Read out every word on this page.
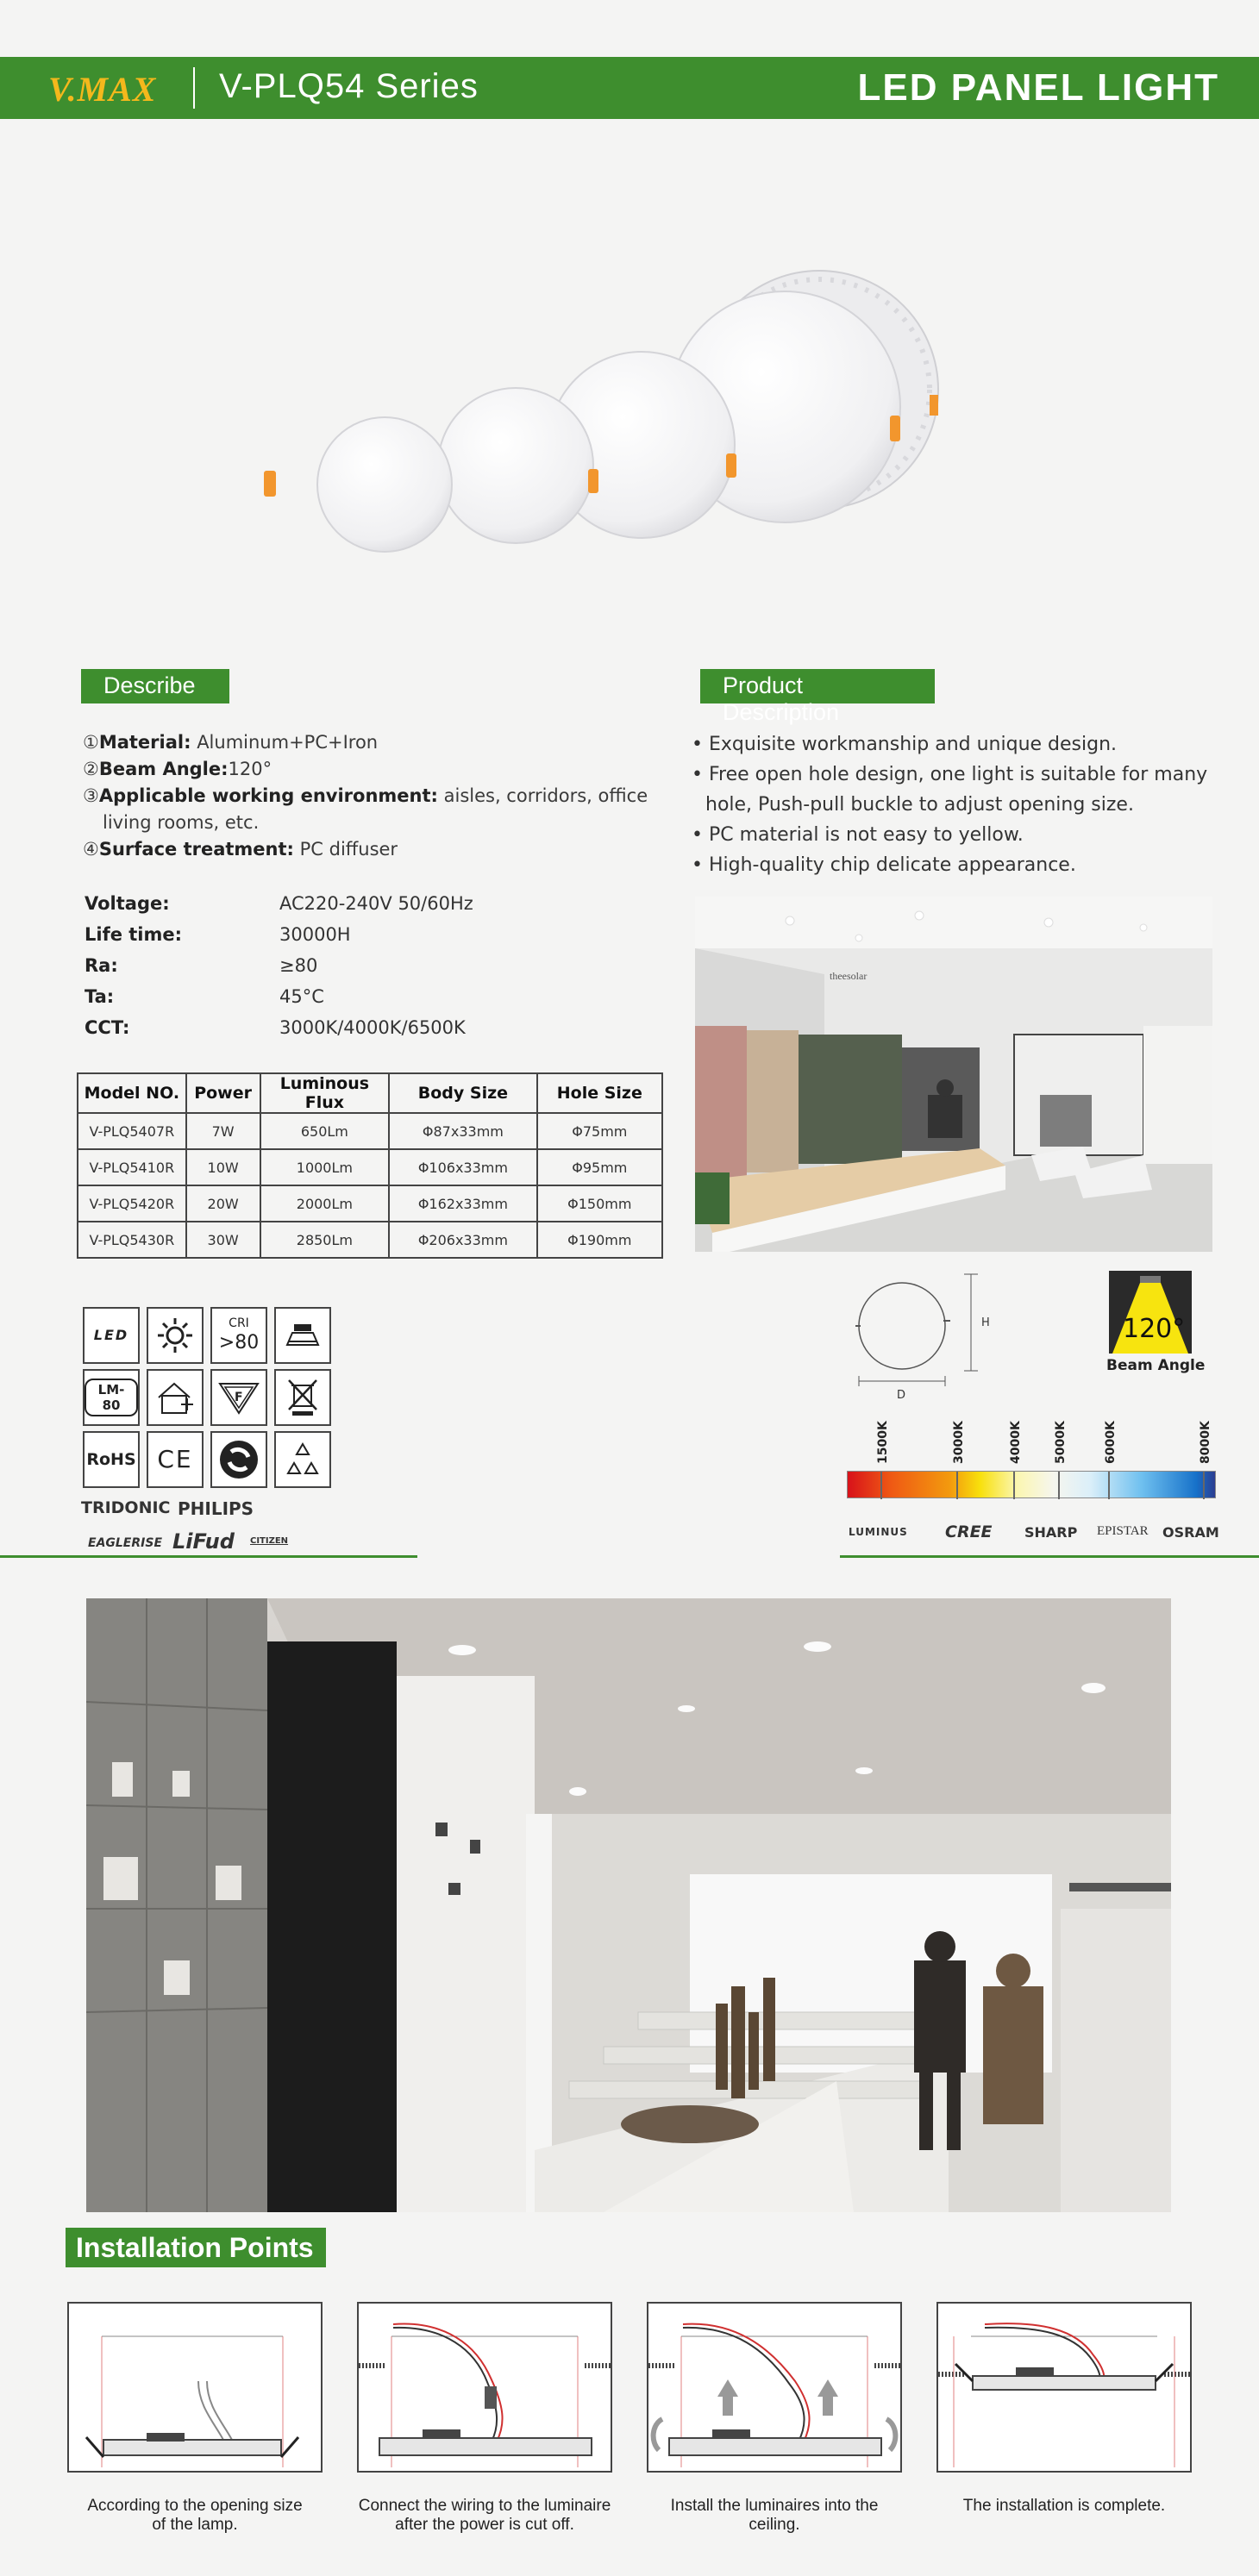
V.MAX V-PLQ54 Series	LED PANEL LIGHT
Describe
①Material: Aluminum+PC+Iron
②Beam Angle:120°
③Applicable working environment: aisles, corridors, office
living rooms, etc.
④Surface treatment: PC diffuser
Voltage:	AC220-240V 50/60Hz
Life time:	30000H
Ra:	≥80
Ta:	45°C
CCT:	3000K/4000K/6500K
Model NO.	Power	Luminous Flux	Body Size	Hole Size
V-PLQ5407R	7W	650Lm	Φ87x33mm	Φ75mm
V-PLQ5410R	10W	1000Lm	Φ106x33mm	Φ95mm
V-PLQ5420R	20W	2000Lm	Φ162x33mm	Φ150mm
V-PLQ5430R	30W	2850Lm	Φ206x33mm	Φ190mm
LED
CRI
>80
LM-80	F
RoHS CE
TRIDONIC PHILIPS
EAGLERISE LiFud CITIZEN
Product Description
• Exquisite workmanship and unique design.
• Free open hole design, one light is suitable for many
hole, Push-pull buckle to adjust opening size.
• PC material is not easy to yellow.
• High-quality chip delicate appearance.
theesolar
H
D
120°
Beam Angle
1500K	3000K	4000K	5000K	6000K	8000K
LUMINUS CREE SHARP EPISTAR OSRAM
Installation Points
According to the opening size
of the lamp.
Connect the wiring to the luminaire
after the power is cut off.
Install the luminaires into the
ceiling.
The installation is complete.
